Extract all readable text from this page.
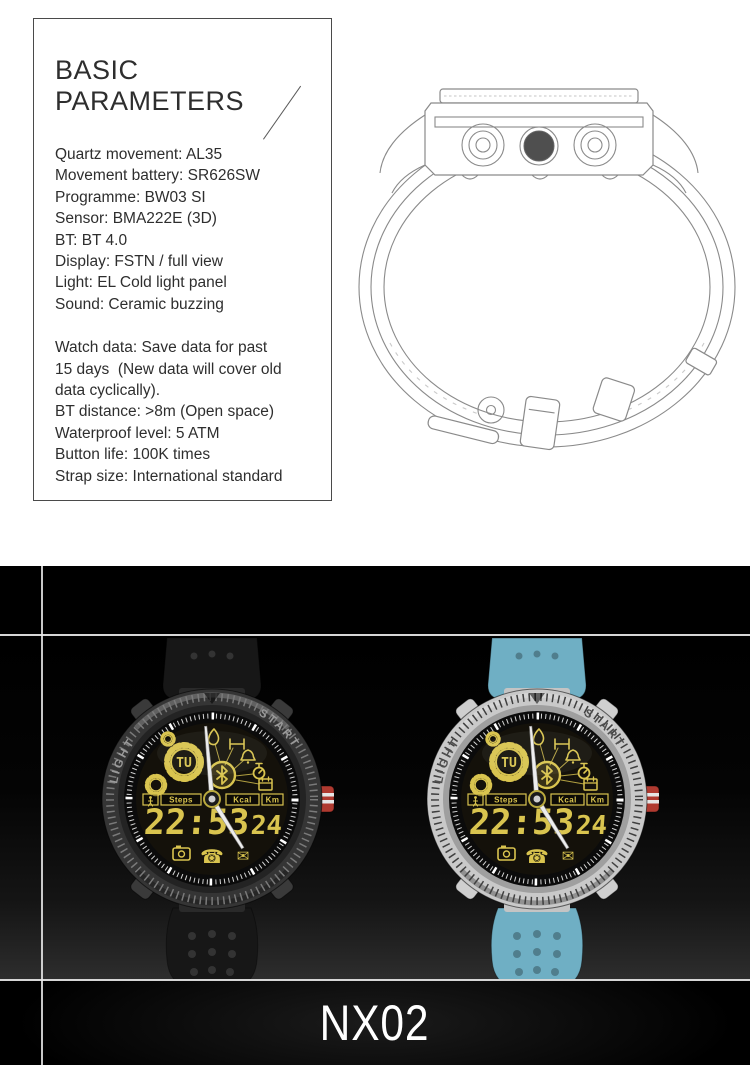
BASIC PARAMETERS
Quartz movement: AL35
Movement battery: SR626SW
Programme: BW03 SI
Sensor: BMA222E (3D)
BT: BT 4.0
Display: FSTN / full view
Light: EL Cold light panel
Sound: Ceramic buzzing
Watch data: Save data for past
15 days  (New data will cover old
data cyclically).
BT distance: >8m (Open space)
Waterproof level: 5 ATM
Button life: 100K times
Strap size: International standard
NX02
